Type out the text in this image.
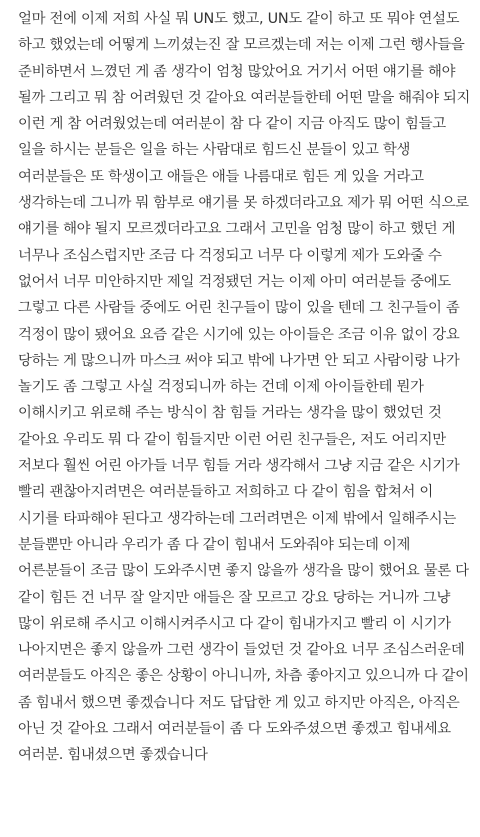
얼마 전에 이제 저희 사실 뭐 UN도 했고, UN도 같이 하고 또 뭐야 연설도
하고 했었는데 어떻게 느끼셨는진 잘 모르겠는데 저는 이제 그런 행사들을
준비하면서 느꼈던 게 좀 생각이 엄청 많았어요 거기서 어떤 얘기를 해야
될까 그리고 뭐 참 어려웠던 것 같아요 여러분들한테 어떤 말을 해줘야 되지
이런 게 참 어려웠었는데 여러분이 참 다 같이 지금 아직도 많이 힘들고
일을 하시는 분들은 일을 하는 사람대로 힘드신 분들이 있고 학생
여러분들은 또 학생이고 애들은 애들 나름대로 힘든 게 있을 거라고
생각하는데 그니까 뭐 함부로 얘기를 못 하겠더라고요 제가 뭐 어떤 식으로
얘기를 해야 될지 모르겠더라고요 그래서 고민을 엄청 많이 하고 했던 게
너무나 조심스럽지만 조금 다 걱정되고 너무 다 이렇게 제가 도와줄 수
없어서 너무 미안하지만 제일 걱정됐던 거는 이제 아미 여러분들 중에도
그렇고 다른 사람들 중에도 어린 친구들이 많이 있을 텐데 그 친구들이 좀
걱정이 많이 됐어요 요즘 같은 시기에 있는 아이들은 조금 이유 없이 강요
당하는 게 많으니까 마스크 써야 되고 밖에 나가면 안 되고 사람이랑 나가
놀기도 좀 그렇고 사실 걱정되니까 하는 건데 이제 아이들한테 뭔가
이해시키고 위로해 주는 방식이 참 힘들 거라는 생각을 많이 했었던 것
같아요 우리도 뭐 다 같이 힘들지만 이런 어린 친구들은, 저도 어리지만
저보다 훨씬 어린 아가들 너무 힘들 거라 생각해서 그냥 지금 같은 시기가
빨리 괜찮아지려면은 여러분들하고 저희하고 다 같이 힘을 합쳐서 이
시기를 타파해야 된다고 생각하는데 그러려면은 이제 밖에서 일해주시는
분들뿐만 아니라 우리가 좀 다 같이 힘내서 도와줘야 되는데 이제
어른분들이 조금 많이 도와주시면 좋지 않을까 생각을 많이 했어요 물론 다
같이 힘든 건 너무 잘 알지만 애들은 잘 모르고 강요 당하는 거니까 그냥
많이 위로해 주시고 이해시켜주시고 다 같이 힘내가지고 빨리 이 시기가
나아지면은 좋지 않을까 그런 생각이 들었던 것 같아요 너무 조심스러운데
여러분들도 아직은 좋은 상황이 아니니까, 차츰 좋아지고 있으니까 다 같이
좀 힘내서 했으면 좋겠습니다 저도 답답한 게 있고 하지만 아직은, 아직은
아닌 것 같아요 그래서 여러분들이 좀 다 도와주셨으면 좋겠고 힘내세요
여러분. 힘내셨으면 좋겠습니다
